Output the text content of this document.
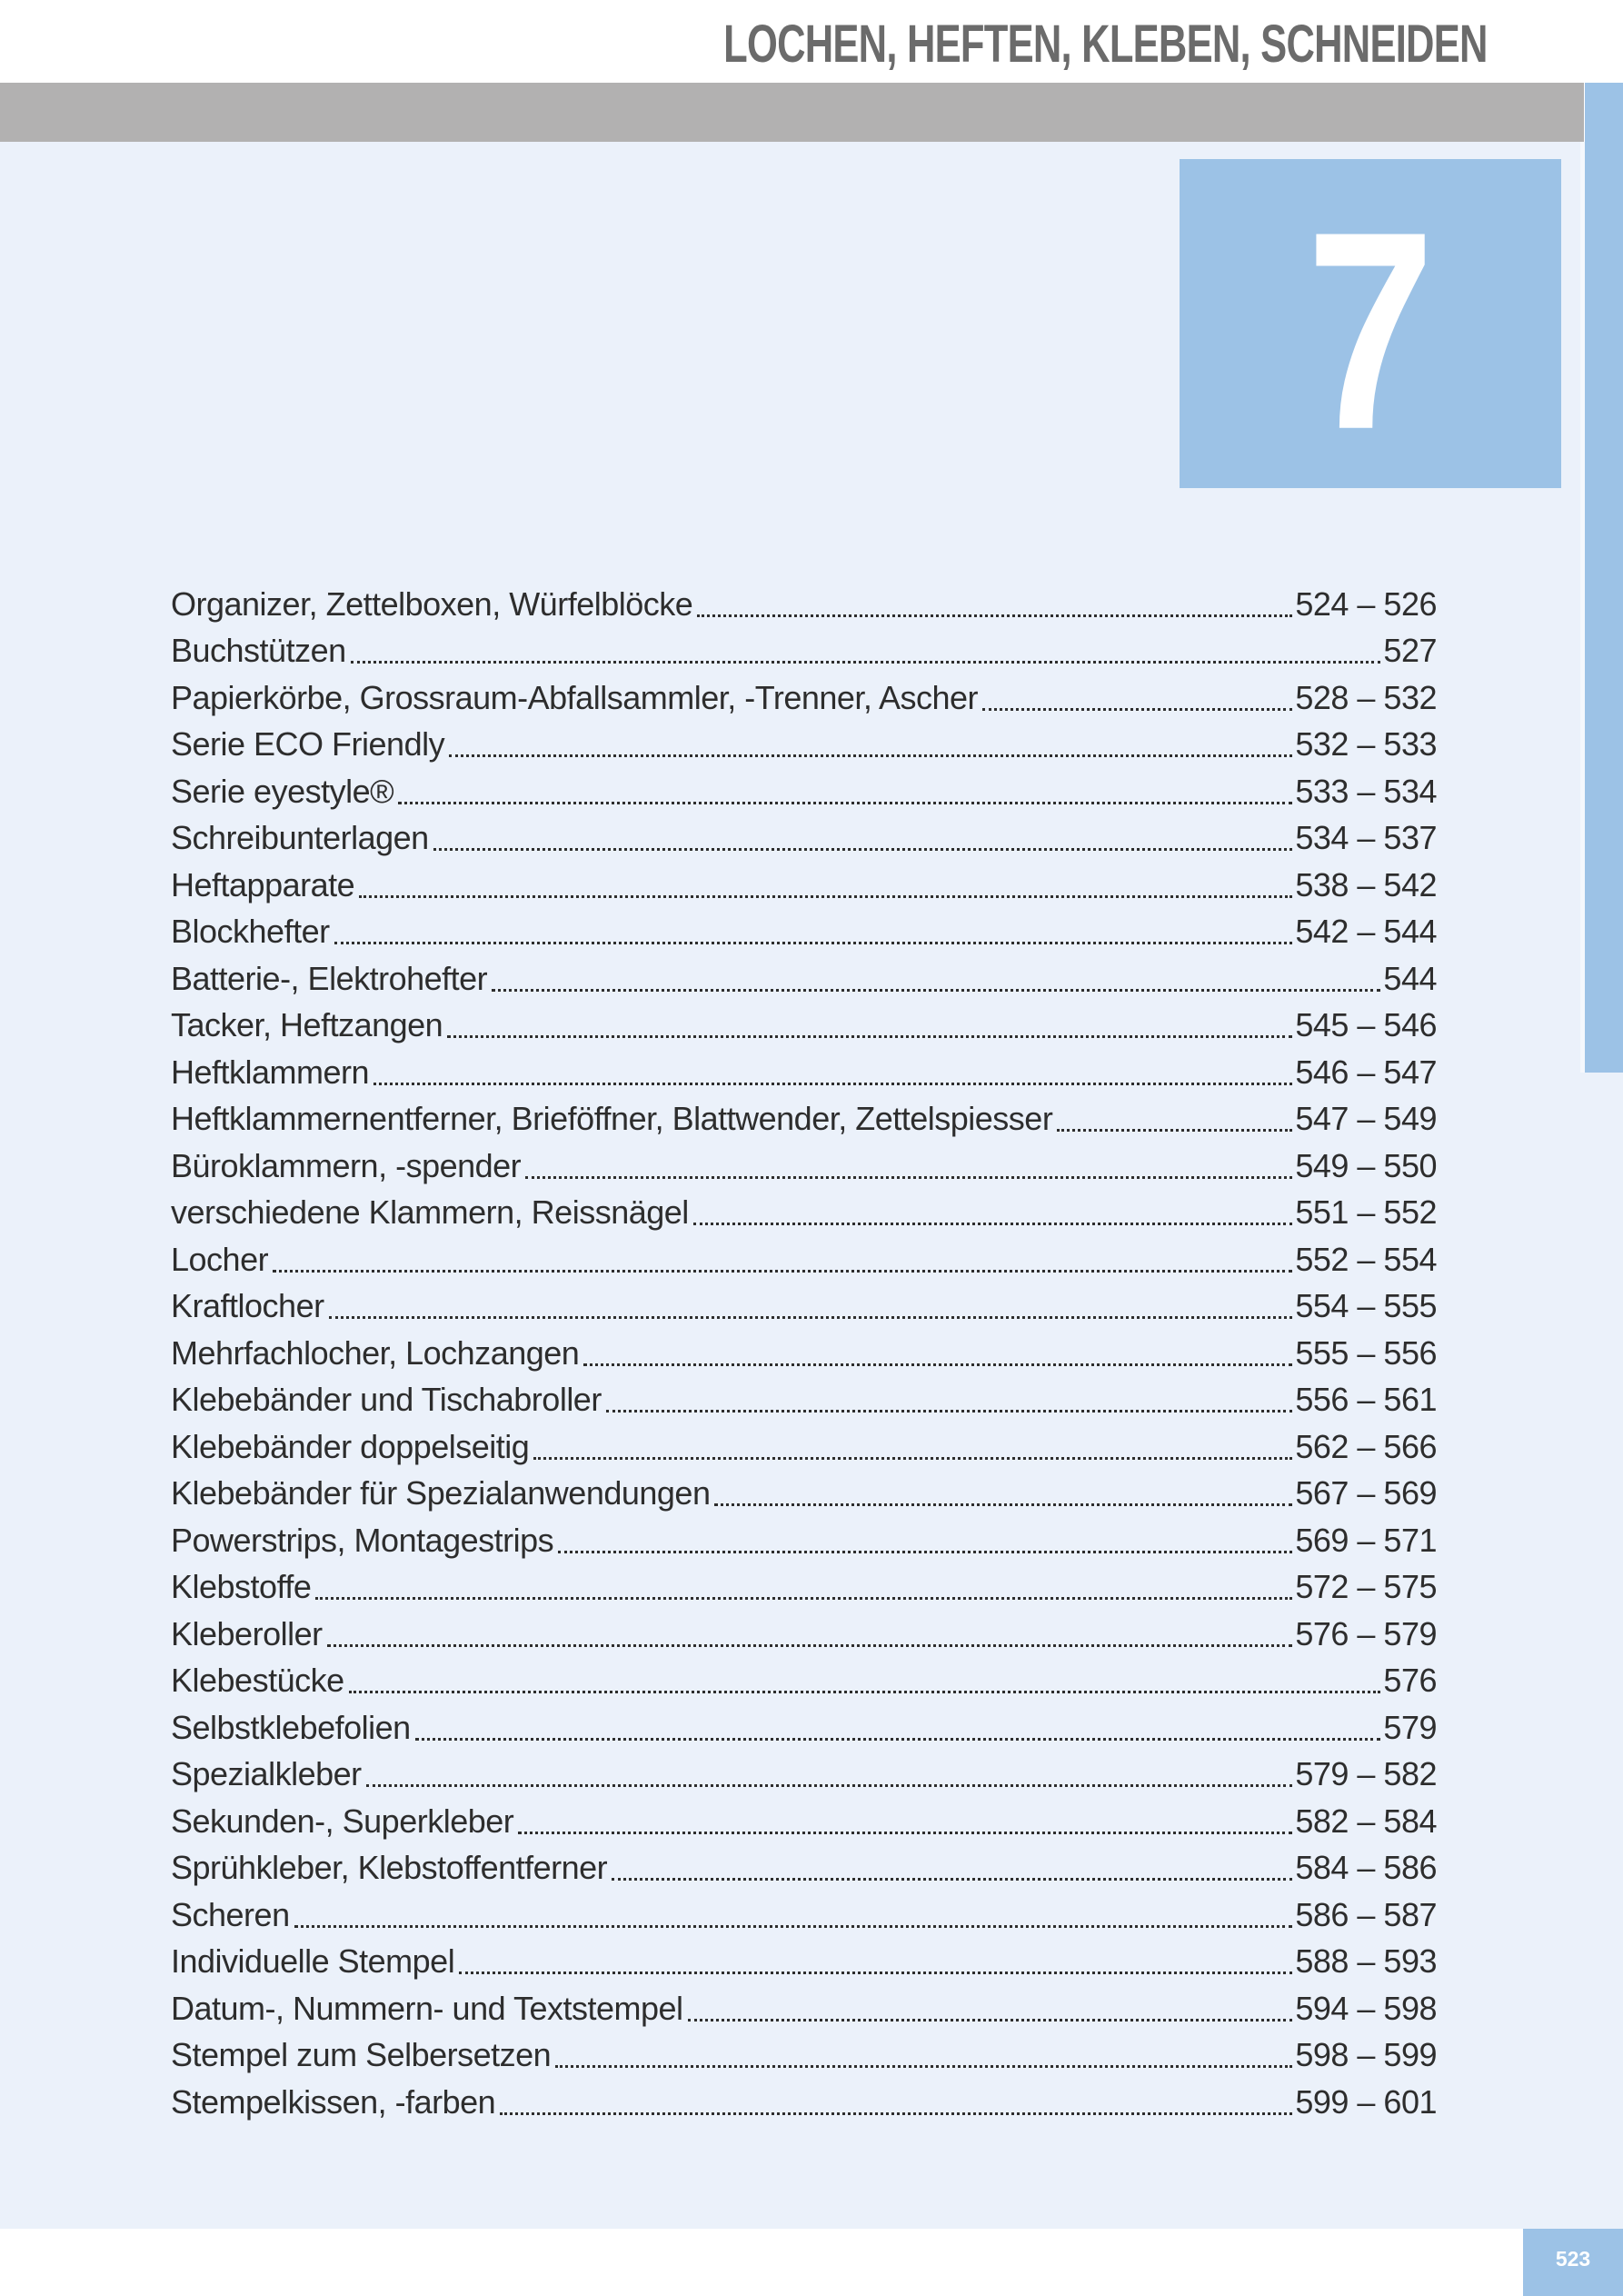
LOCHEN, HEFTEN, KLEBEN, SCHNEIDEN
7
Organizer, Zettelboxen, Würfelblöcke	524 – 526
Buchstützen	527
Papierkörbe, Grossraum-Abfallsammler, -Trenner, Ascher	528 – 532
Serie ECO Friendly	532 – 533
Serie eyestyle®	533 – 534
Schreibunterlagen	534 – 537
Heftapparate	538 – 542
Blockhefter	542 – 544
Batterie-, Elektrohefter	544
Tacker, Heftzangen	545 – 546
Heftklammern	546 – 547
Heftklammernentferner, Brieföffner, Blattwender, Zettelspiesser	547 – 549
Büroklammern, -spender	549 – 550
verschiedene Klammern, Reissnägel	551 – 552
Locher	552 – 554
Kraftlocher	554 – 555
Mehrfachlocher, Lochzangen	555 – 556
Klebebänder und Tischabroller	556 – 561
Klebebänder doppelseitig	562 – 566
Klebebänder für Spezialanwendungen	567 – 569
Powerstrips, Montagestrips	569 – 571
Klebstoffe	572 – 575
Kleberoller	576 – 579
Klebestücke	576
Selbstklebefolien	579
Spezialkleber	579 – 582
Sekunden-, Superkleber	582 – 584
Sprühkleber, Klebstoffentferner	584 – 586
Scheren	586 – 587
Individuelle Stempel	588 – 593
Datum-, Nummern- und Textstempel	594 – 598
Stempel zum Selbersetzen	598 – 599
Stempelkissen, -farben	599 – 601
523
